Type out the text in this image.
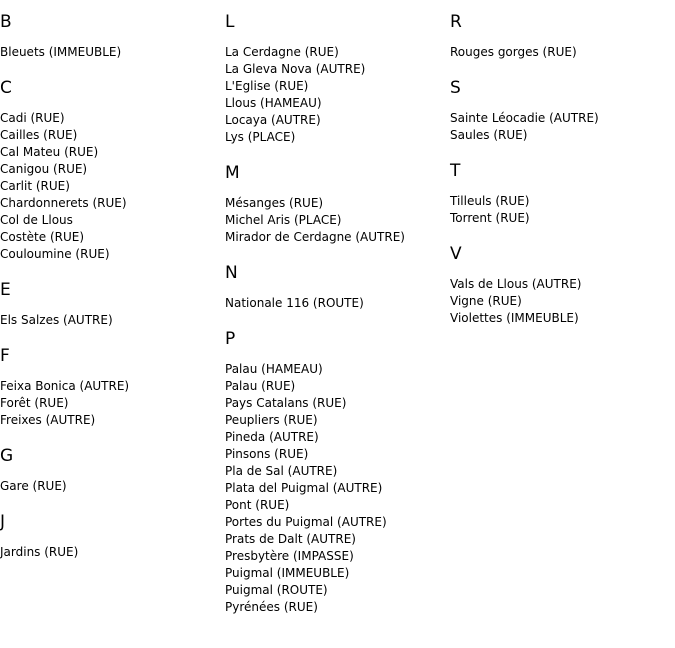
B
Bleuets (IMMEUBLE)
C
Cadi (RUE)
Cailles (RUE)
Cal Mateu (RUE)
Canigou (RUE)
Carlit (RUE)
Chardonnerets (RUE)
Col de Llous
Costète (RUE)
Couloumine (RUE)
E
Els Salzes (AUTRE)
F
Feixa Bonica (AUTRE)
Forêt (RUE)
Freixes (AUTRE)
G
Gare (RUE)
J
Jardins (RUE)
L
La Cerdagne (RUE)
La Gleva Nova (AUTRE)
L'Eglise (RUE)
Llous (HAMEAU)
Locaya (AUTRE)
Lys (PLACE)
M
Mésanges (RUE)
Michel Aris (PLACE)
Mirador de Cerdagne (AUTRE)
N
Nationale 116 (ROUTE)
P
Palau (HAMEAU)
Palau (RUE)
Pays Catalans (RUE)
Peupliers (RUE)
Pineda (AUTRE)
Pinsons (RUE)
Pla de Sal (AUTRE)
Plata del Puigmal (AUTRE)
Pont (RUE)
Portes du Puigmal (AUTRE)
Prats de Dalt (AUTRE)
Presbytère (IMPASSE)
Puigmal (IMMEUBLE)
Puigmal (ROUTE)
Pyrénées (RUE)
R
Rouges gorges (RUE)
S
Sainte Léocadie (AUTRE)
Saules (RUE)
T
Tilleuls (RUE)
Torrent (RUE)
V
Vals de Llous (AUTRE)
Vigne (RUE)
Violettes (IMMEUBLE)
